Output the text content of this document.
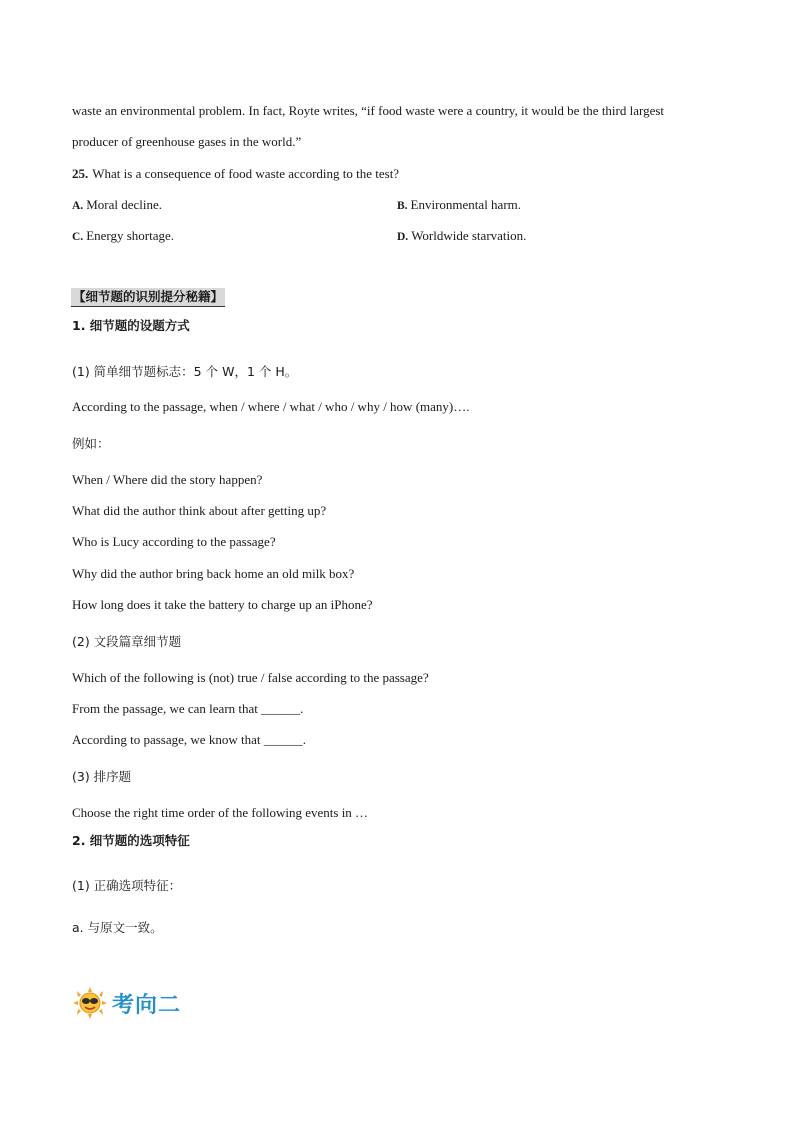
waste an environmental problem. In fact, Royte writes, “if food waste were a country, it would be the third largest
producer of greenhouse gases in the world.”
25. What is a consequence of food waste according to the test?
A. Moral decline.	B. Environmental harm.
C. Energy shortage.	D. Worldwide starvation.
【细节题的识别提分秘籍】
1. 细节题的设题方式
(1) 简单细节题标志：5 个 W，1 个 H。
According to the passage, when / where / what / who / why / how (many)….
例如：
When / Where did the story happen?
What did the author think about after getting up?
Who is Lucy according to the passage?
Why did the author bring back home an old milk box?
How long does it take the battery to charge up an iPhone?
(2) 文段篇章细节题
Which of the following is (not) true / false according to the passage?
From the passage, we can learn that ______.
According to passage, we know that ______.
(3) 排序题
Choose the right time order of the following events in …
2. 细节题的选项特征
(1) 正确选项特征：
a. 与原文一致。
考向二
